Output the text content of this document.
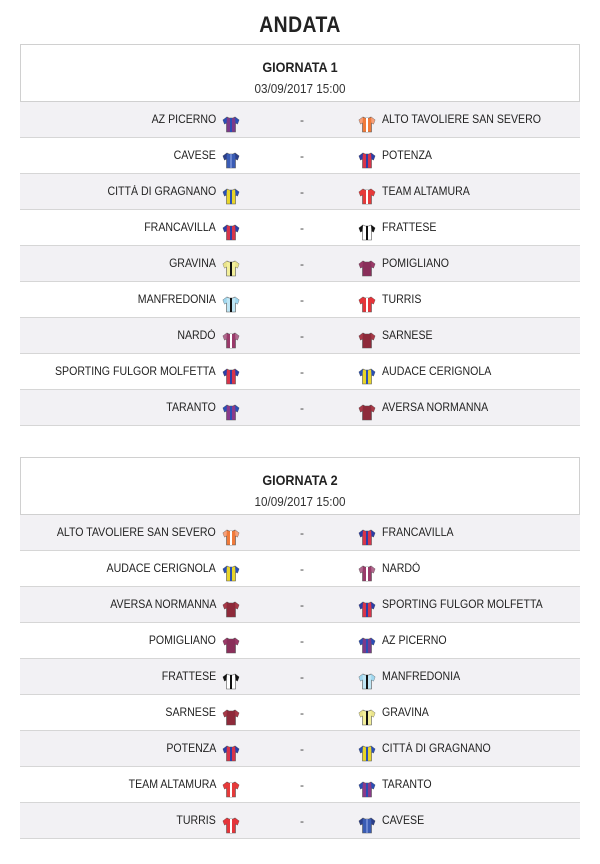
ANDATA
GIORNATA 1
03/09/2017 15:00
AZ PICERNO	-	ALTO TAVOLIERE SAN SEVERO
CAVESE	-	POTENZA
CITTÀ DI GRAGNANO	-	TEAM ALTAMURA
FRANCAVILLA	-	FRATTESE
GRAVINA	-	POMIGLIANO
MANFREDONIA	-	TURRIS
NARDÒ	-	SARNESE
SPORTING FULGOR MOLFETTA	-	AUDACE CERIGNOLA
TARANTO	-	AVERSA NORMANNA
GIORNATA 2
10/09/2017 15:00
ALTO TAVOLIERE SAN SEVERO	-	FRANCAVILLA
AUDACE CERIGNOLA	-	NARDÒ
AVERSA NORMANNA	-	SPORTING FULGOR MOLFETTA
POMIGLIANO	-	AZ PICERNO
FRATTESE	-	MANFREDONIA
SARNESE	-	GRAVINA
POTENZA	-	CITTÀ DI GRAGNANO
TEAM ALTAMURA	-	TARANTO
TURRIS	-	CAVESE
